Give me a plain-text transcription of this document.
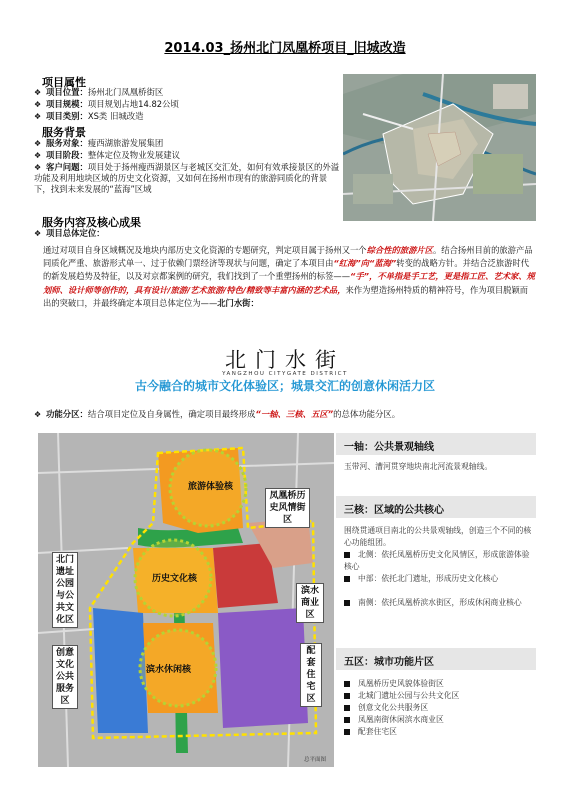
2014.03_扬州北门凤凰桥项目_旧城改造
项目属性
❖ 项目位置：扬州北门凤凰桥街区
❖ 项目规模：项目规划占地14.82公顷
❖ 项目类别：XS类 旧城改造
服务背景
❖ 服务对象：瘦西湖旅游发展集团
❖ 项目阶段：整体定位及物业发展建议
❖ 客户问题：项目处于扬州瘦西湖景区与老城区交汇处，如何有效承接景区的外溢功能及利用地块区域的历史文化资源，又如何在扬州市现有的旅游同质化的背景下，找到未来发展的“蓝海”区域
服务内容及核心成果
❖ 项目总体定位：
通过对项目自身区域概况及地块内部历史文化资源的专题研究，判定项目属于扬州又一个综合性的旅游片区。结合扬州目前的旅游产品同质化严重、旅游形式单一、过于依赖门票经济等现状与问题，确定了本项目由“红海”向“蓝海”转变的战略方针。并结合泛旅游时代的新发展趋势及特征，以及对京都案例的研究，我们找到了一个重塑扬州的标签——“手”，不单指是手工艺，更是指工匠、艺术家、规划师、设计师等创作的，具有设计/旅游/艺术旅游/特色/精致等丰富内涵的艺术品，来作为塑造扬州特质的精神符号，作为项目脱颖而出的突破口，并最终确定本项目总体定位为——北门水街：
北门水街
YANGZHOU CITYGATE DISTRICT
古今融合的城市文化体验区；城景交汇的创意休闲活力区
❖ 功能分区：结合项目定位及自身属性，确定项目最终形成“一轴、三核、五区”的总体功能分区。
旅游体验核
历史文化核
滨水休闲核
凤凰桥历史风情街区
北门遗址公园与公共文化区
创意文化公共服务区
滨水商业区
配套住宅区
总平面图
一轴：公共景观轴线
玉带河、漕河贯穿地块南北河流景观轴线。
三核：区域的公共核心
围绕贯通项目南北的公共景观轴线，创造三个不同的核心功能组团。
北侧：依托凤凰桥历史文化风情区，形成旅游体验核心
中部：依托北门遗址，形成历史文化核心
南侧：依托凤凰桥滨水街区，形成休闲商业核心
五区：城市功能片区
凤凰桥历史风貌体验街区
北城门遗址公园与公共文化区
创意文化公共服务区
凤凰南街休闲滨水商业区
配套住宅区
